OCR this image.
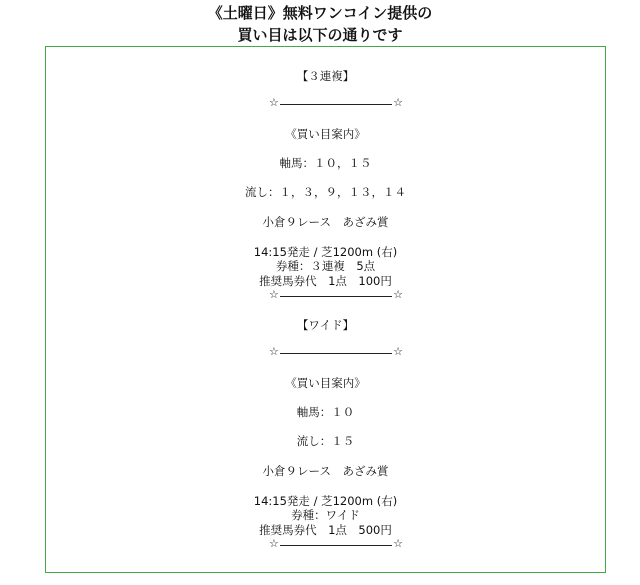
《土曜日》無料ワンコイン提供の
買い目は以下の通りです
【３連複】
☆	☆
《買い目案内》
軸馬：１０，１５
流し：１，３，９，１３，１４
小倉９レース　あざみ賞
14:15発走 / 芝1200m (右)
券種：３連複　5点
推奨馬券代　1点　100円
☆	☆
【ワイド】
☆	☆
《買い目案内》
軸馬：１０
流し：１５
小倉９レース　あざみ賞
14:15発走 / 芝1200m (右)
券種：ワイド
推奨馬券代　1点　500円
☆	☆
